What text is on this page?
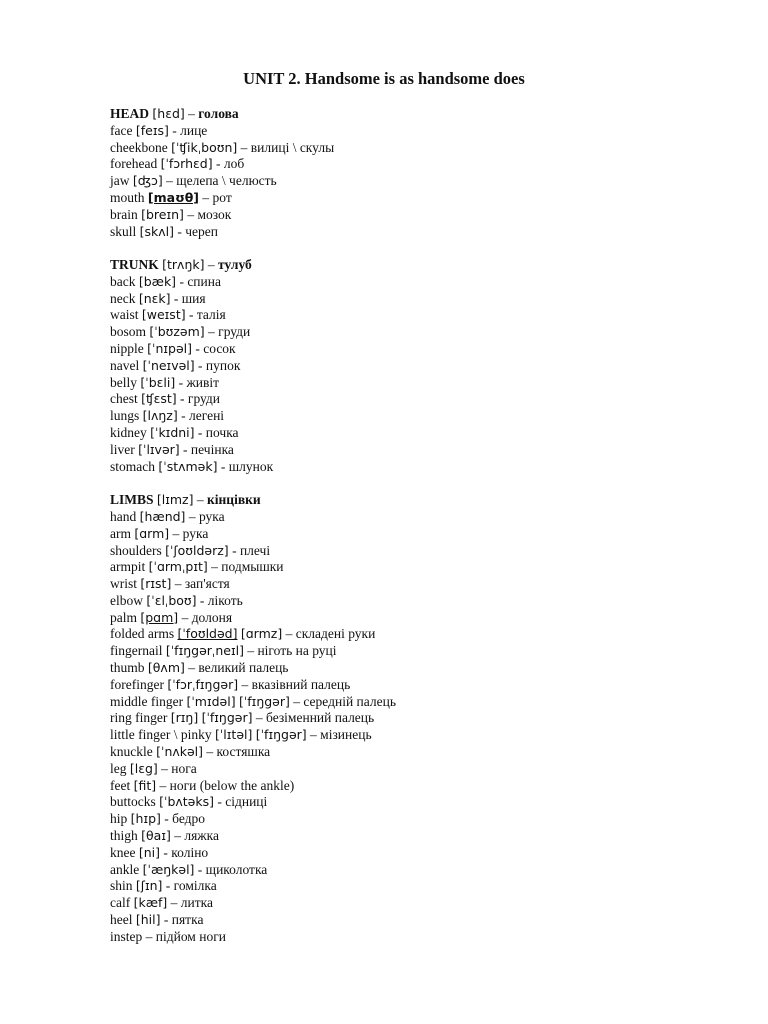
UNIT 2. Handsome is as handsome does
HEAD [hɛd] – голова
face [feɪs] - лице
cheekbone [ˈʧikˌboʊn] – вилиці \ скулы
forehead [ˈfɔrhɛd] - лоб
jaw [ʤɔ] – щелепа \ челюсть
mouth [maʊθ] – рот
brain [breɪn] – мозок
skull [skʌl] - череп
TRUNK [trʌŋk] – тулуб
back [bæk] - спина
neck [nɛk] - шия
waist [weɪst] - талія
bosom [ˈbʊzəm] – груди
nipple [ˈnɪpəl] - сосок
navel [ˈneɪvəl] - пупок
belly [ˈbɛli] - живіт
chest [ʧɛst] - груди
lungs [lʌŋz] - легені
kidney [ˈkɪdni] - почка
liver [ˈlɪvər] - печінка
stomach [ˈstʌmək] - шлунок
LIMBS [lɪmz] – кінцівки
hand [hænd] – рука
arm [ɑrm] – рука
shoulders [ˈʃoʊldərz] - плечі
armpit [ˈɑrmˌpɪt] – подмышки
wrist [rɪst] – зап'ястя
elbow [ˈɛlˌboʊ] - лікоть
palm [pɑm] – долоня
folded arms [ˈfoʊldəd] [ɑrmz] – складені руки
fingernail [ˈfɪŋgərˌneɪl] – ніготь на руці
thumb [θʌm] – великий палець
forefinger [ˈfɔrˌfɪŋgər] – вказівний палець
middle finger [ˈmɪdəl] [ˈfɪŋgər] – середній палець
ring finger [rɪŋ] [ˈfɪŋgər] – безіменний палець
little finger \ pinky [ˈlɪtəl] [ˈfɪŋgər] – мізинець
knuckle [ˈnʌkəl] – костяшка
leg [lɛg] – нога
feet [fit] – ноги (below the ankle)
buttocks [ˈbʌtəks] - сідниці
hip [hɪp] - бедро
thigh [θaɪ] – ляжка
knee [ni] - коліно
ankle [ˈæŋkəl] - щиколотка
shin [ʃɪn] - гомілка
calf [kæf] – литка
heel [hil] - пятка
instep – підйом ноги
